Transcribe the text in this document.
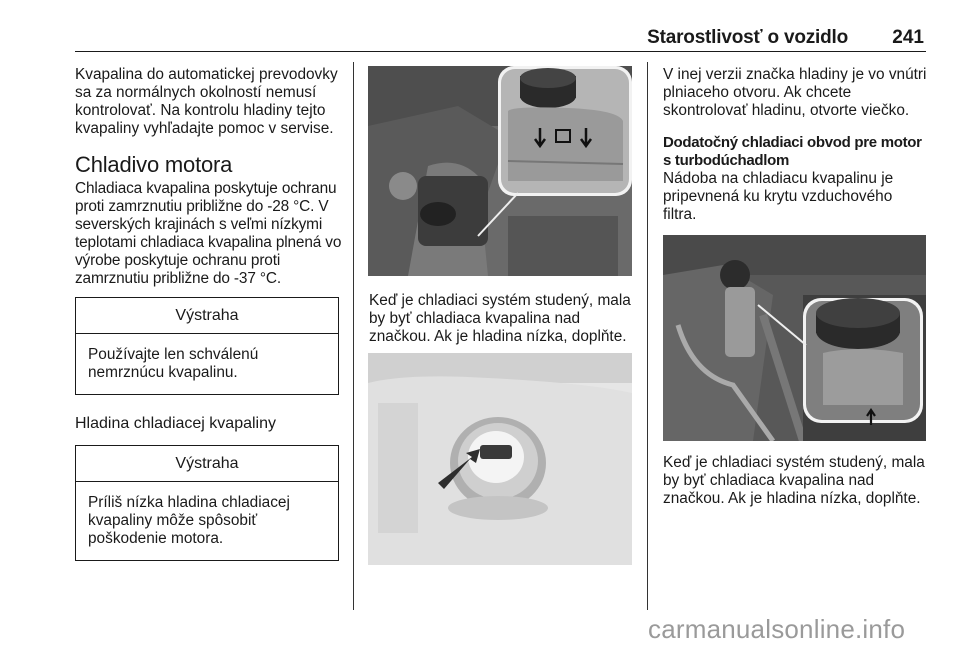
Starostlivosť o vozidlo 241

Kvapalina do automatickej prevodovky sa za normálnych okolností nemusí kontrolovať. Na kontrolu hladiny tejto kvapaliny vyhľadajte pomoc v servise.

Chladivo motora

Chladiaca kvapalina poskytuje ochranu proti zamrznutiu približne do -28 °C. V severských krajinách s veľmi nízkymi teplotami chladiaca kvapalina plnená vo výrobe poskytuje ochranu proti zamrznutiu približne do -37 °C.

Výstraha
Používajte len schválenú nemrznúcu kvapalinu.
Hladina chladiacej kvapaliny
Výstraha
Príliš nízka hladina chladiacej kvapaliny môže spôsobiť poškodenie motora.

Keď je chladiaci systém studený, mala by byť chladiaca kvapalina nad značkou. Ak je hladina nízka, doplňte.

V inej verzii značka hladiny je vo vnútri plniaceho otvoru. Ak chcete skontrolovať hladinu, otvorte viečko.

Dodatočný chladiaci obvod pre motor s turbodúchadlom

Nádoba na chladiacu kvapalinu je pripevnená ku krytu vzduchového filtra.

Keď je chladiaci systém studený, mala by byť chladiaca kvapalina nad značkou. Ak je hladina nízka, doplňte.

carmanualsonline.info
